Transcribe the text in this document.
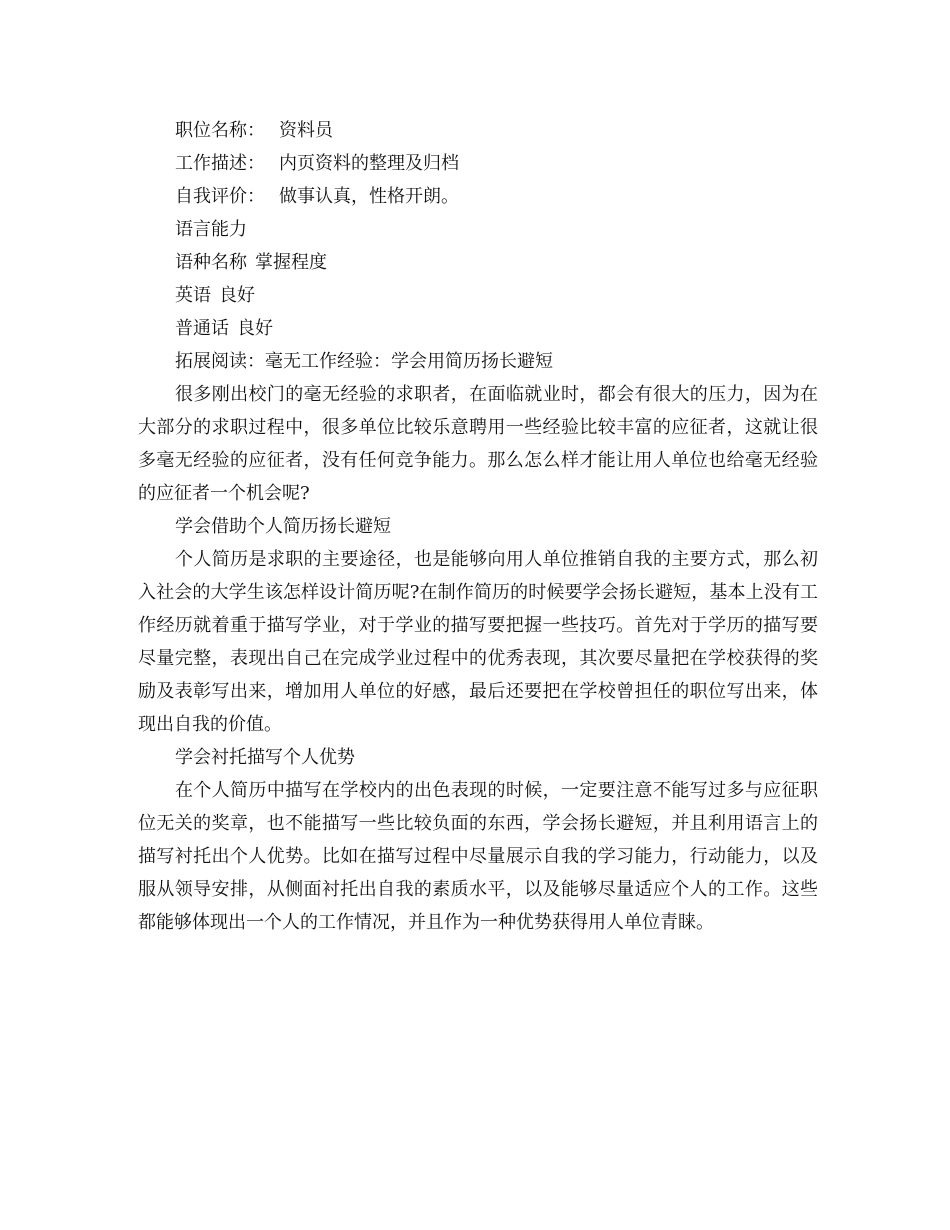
职位名称： 资料员

工作描述： 内页资料的整理及归档

自我评价： 做事认真，性格开朗。

语言能力

语种名称 掌握程度

英语 良好

普通话 良好

拓展阅读：毫无工作经验：学会用简历扬长避短

很多刚出校门的毫无经验的求职者，在面临就业时，都会有很大的压力，因为在大部分的求职过程中，很多单位比较乐意聘用一些经验比较丰富的应征者，这就让很多毫无经验的应征者，没有任何竞争能力。那么怎么样才能让用人单位也给毫无经验的应征者一个机会呢?

学会借助个人简历扬长避短

个人简历是求职的主要途径，也是能够向用人单位推销自我的主要方式，那么初入社会的大学生该怎样设计简历呢?在制作简历的时候要学会扬长避短，基本上没有工作经历就着重于描写学业，对于学业的描写要把握一些技巧。首先对于学历的描写要尽量完整，表现出自己在完成学业过程中的优秀表现，其次要尽量把在学校获得的奖励及表彰写出来，增加用人单位的好感，最后还要把在学校曾担任的职位写出来，体现出自我的价值。

学会衬托描写个人优势

在个人简历中描写在学校内的出色表现的时候，一定要注意不能写过多与应征职位无关的奖章，也不能描写一些比较负面的东西，学会扬长避短，并且利用语言上的描写衬托出个人优势。比如在描写过程中尽量展示自我的学习能力，行动能力，以及服从领导安排，从侧面衬托出自我的素质水平，以及能够尽量适应个人的工作。这些都能够体现出一个人的工作情况，并且作为一种优势获得用人单位青睐。
